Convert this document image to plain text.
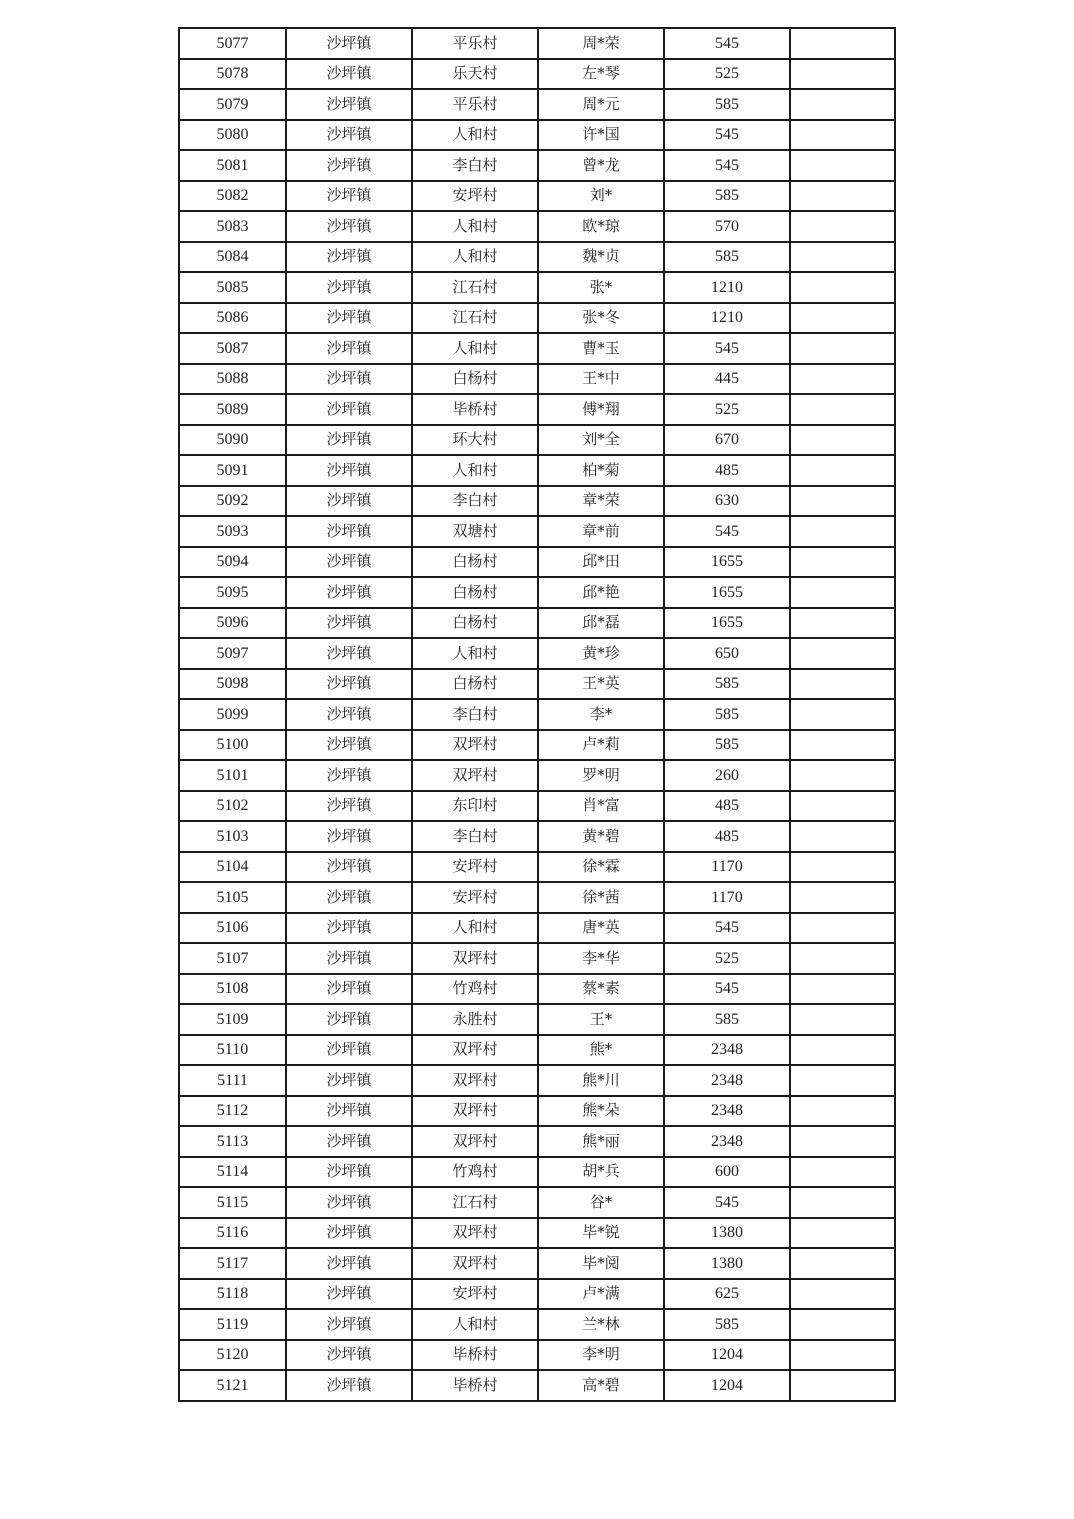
5077	沙坪镇	平乐村	周*荣	545	
5078	沙坪镇	乐天村	左*琴	525	
5079	沙坪镇	平乐村	周*元	585	
5080	沙坪镇	人和村	许*国	545	
5081	沙坪镇	李白村	曾*龙	545	
5082	沙坪镇	安坪村	刘*	585	
5083	沙坪镇	人和村	欧*琼	570	
5084	沙坪镇	人和村	魏*贞	585	
5085	沙坪镇	江石村	张*	1210	
5086	沙坪镇	江石村	张*冬	1210	
5087	沙坪镇	人和村	曹*玉	545	
5088	沙坪镇	白杨村	王*中	445	
5089	沙坪镇	毕桥村	傅*翔	525	
5090	沙坪镇	环大村	刘*全	670	
5091	沙坪镇	人和村	柏*菊	485	
5092	沙坪镇	李白村	章*荣	630	
5093	沙坪镇	双塘村	章*前	545	
5094	沙坪镇	白杨村	邱*田	1655	
5095	沙坪镇	白杨村	邱*艳	1655	
5096	沙坪镇	白杨村	邱*磊	1655	
5097	沙坪镇	人和村	黄*珍	650	
5098	沙坪镇	白杨村	王*英	585	
5099	沙坪镇	李白村	李*	585	
5100	沙坪镇	双坪村	卢*莉	585	
5101	沙坪镇	双坪村	罗*明	260	
5102	沙坪镇	东印村	肖*富	485	
5103	沙坪镇	李白村	黄*碧	485	
5104	沙坪镇	安坪村	徐*霖	1170	
5105	沙坪镇	安坪村	徐*茜	1170	
5106	沙坪镇	人和村	唐*英	545	
5107	沙坪镇	双坪村	李*华	525	
5108	沙坪镇	竹鸡村	蔡*素	545	
5109	沙坪镇	永胜村	王*	585	
5110	沙坪镇	双坪村	熊*	2348	
5111	沙坪镇	双坪村	熊*川	2348	
5112	沙坪镇	双坪村	熊*朵	2348	
5113	沙坪镇	双坪村	熊*丽	2348	
5114	沙坪镇	竹鸡村	胡*兵	600	
5115	沙坪镇	江石村	谷*	545	
5116	沙坪镇	双坪村	毕*锐	1380	
5117	沙坪镇	双坪村	毕*阅	1380	
5118	沙坪镇	安坪村	卢*满	625	
5119	沙坪镇	人和村	兰*林	585	
5120	沙坪镇	毕桥村	李*明	1204	
5121	沙坪镇	毕桥村	高*碧	1204	
